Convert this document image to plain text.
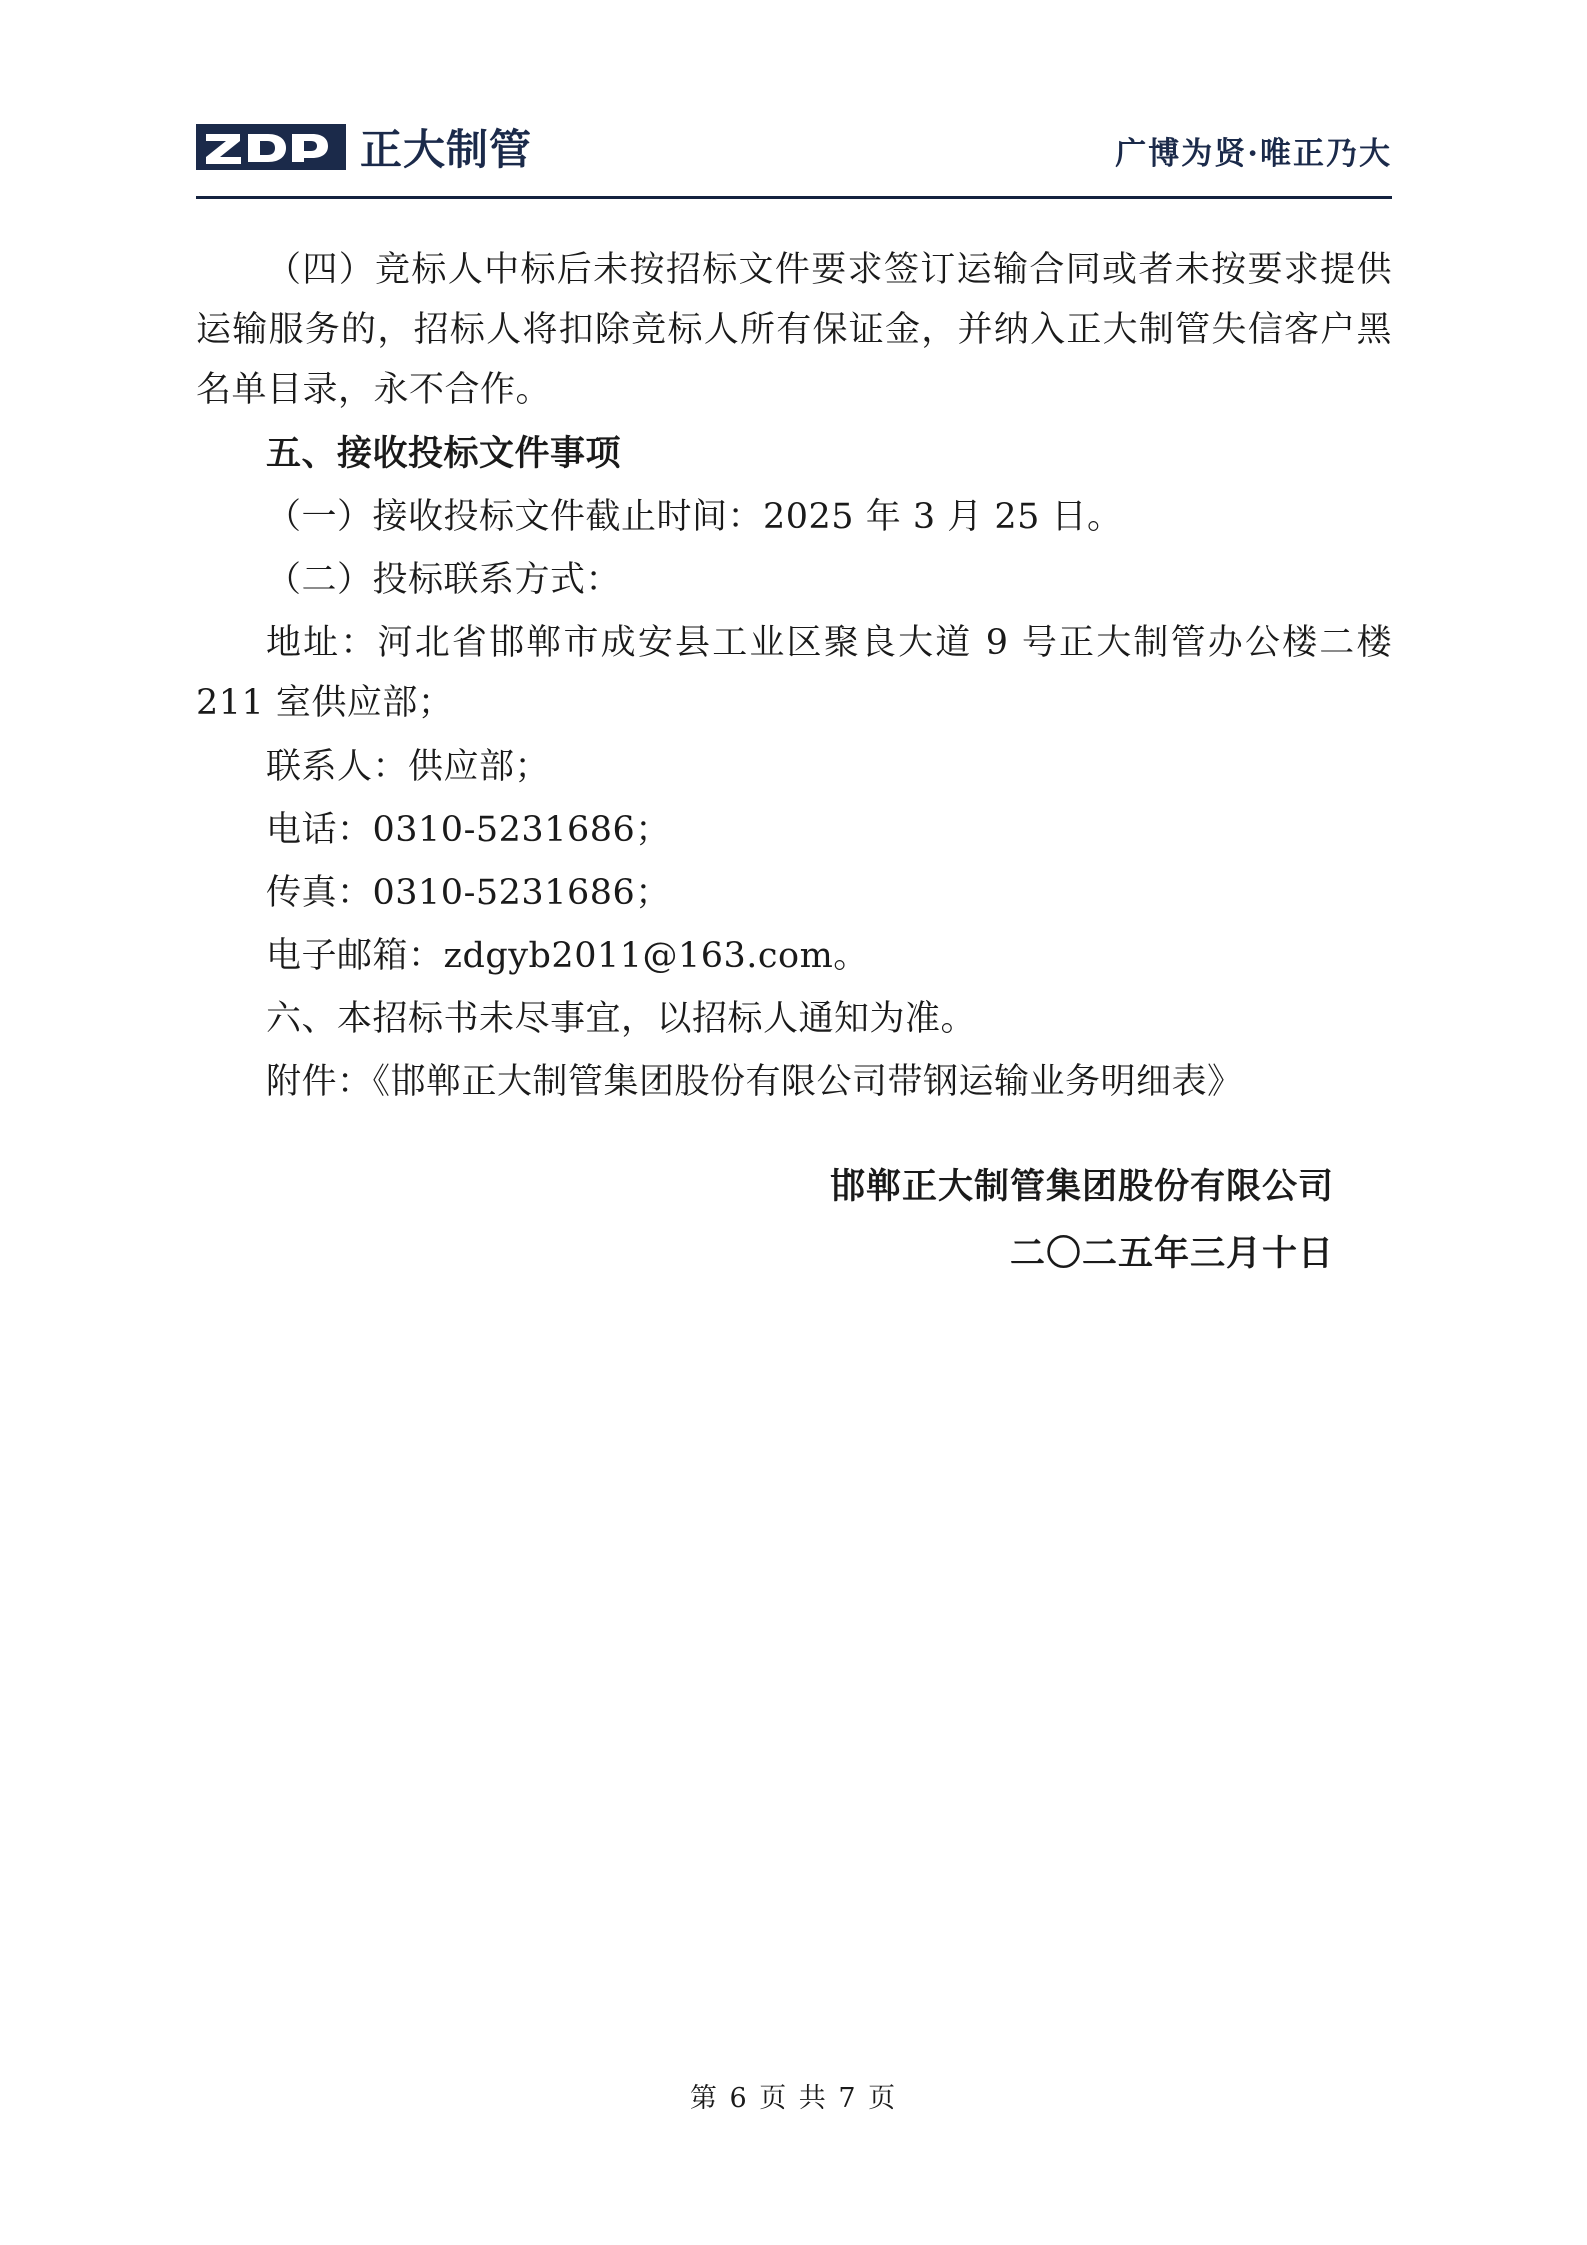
正大制管	广博为贤·唯正乃大

（四）竞标人中标后未按招标文件要求签订运输合同或者未按要求提供运输服务的，招标人将扣除竞标人所有保证金，并纳入正大制管失信客户黑名单目录，永不合作。

五、接收投标文件事项

（一）接收投标文件截止时间：2025 年 3 月 25 日。

（二）投标联系方式：

地址：河北省邯郸市成安县工业区聚良大道 9 号正大制管办公楼二楼 211 室供应部；

联系人：供应部；

电话：0310-5231686；

传真：0310-5231686；

电子邮箱：zdgyb2011@163.com。

六、本招标书未尽事宜，以招标人通知为准。

附件：《邯郸正大制管集团股份有限公司带钢运输业务明细表》

邯郸正大制管集团股份有限公司

二〇二五年三月十日

第 6 页 共 7 页
